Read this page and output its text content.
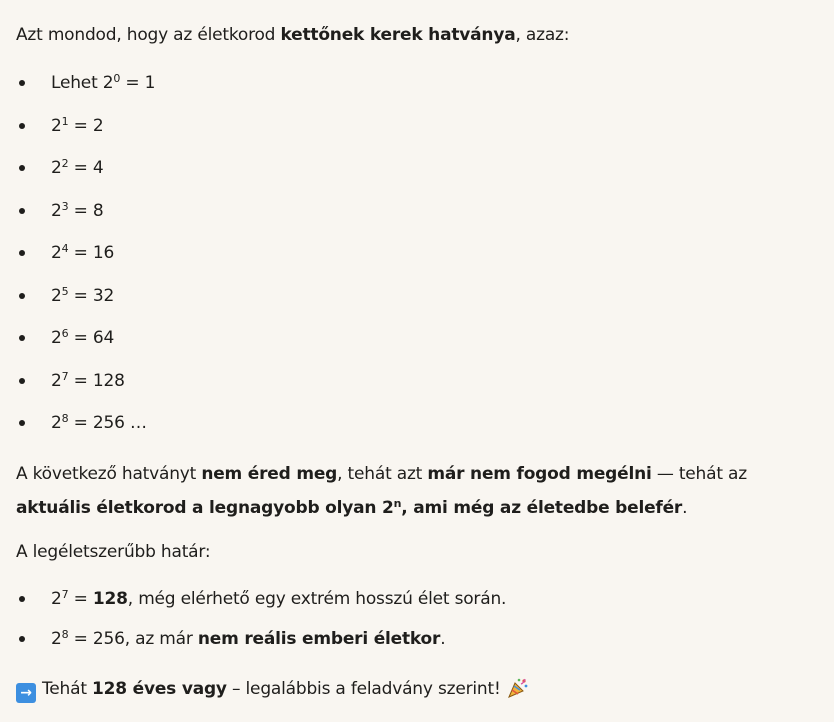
Azt mondod, hogy az életkorod kettőnek kerek hatványa, azaz:

Lehet $2^0 = 1$
$2^1 = 2$
$2^2 = 4$
$2^3 = 8$
$2^4 = 16$
$2^5 = 32$
$2^6 = 64$
$2^7 = 128$
$2^8 = 256$ …

A következő hatványt nem éred meg, tehát azt már nem fogod megélni — tehát az
aktuális életkorod a legnagyobb olyan 2$^n$, ami még az életedbe belefér.

A legéletszerűbb határ:

$2^7 = 128$, még elérhető egy extrém hosszú élet során.
$2^8 = 256$, az már nem reális emberi életkor.

→ Tehát 128 éves vagy – legalábbis a feladvány szerint!
